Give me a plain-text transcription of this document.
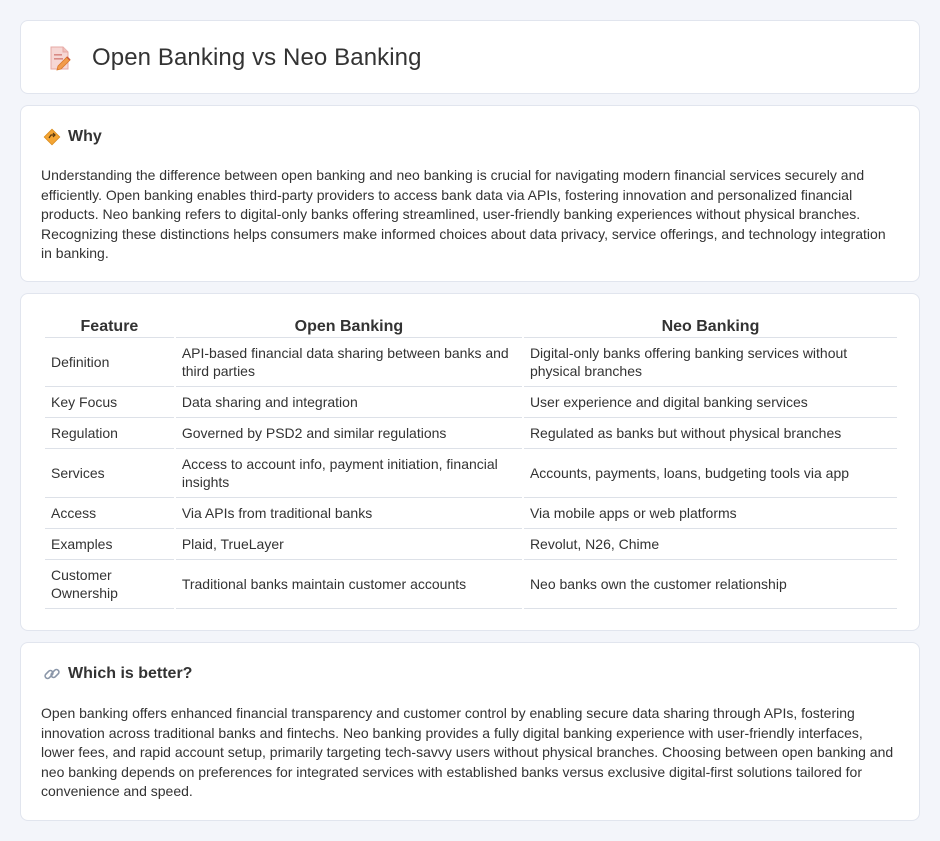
Open Banking vs Neo Banking
Why

Understanding the difference between open banking and neo banking is crucial for navigating modern financial services securely and efficiently. Open banking enables third-party providers to access bank data via APIs, fostering innovation and personalized financial products. Neo banking refers to digital-only banks offering streamlined, user-friendly banking experiences without physical branches. Recognizing these distinctions helps consumers make informed choices about data privacy, service offerings, and technology integration in banking.

Feature	Open Banking	Neo Banking
Definition	API-based financial data sharing between banks and third parties	Digital-only banks offering banking services without physical branches
Key Focus	Data sharing and integration	User experience and digital banking services
Regulation	Governed by PSD2 and similar regulations	Regulated as banks but without physical branches
Services	Access to account info, payment initiation, financial insights	Accounts, payments, loans, budgeting tools via app
Access	Via APIs from traditional banks	Via mobile apps or web platforms
Examples	Plaid, TrueLayer	Revolut, N26, Chime
Customer Ownership	Traditional banks maintain customer accounts	Neo banks own the customer relationship
Which is better?

Open banking offers enhanced financial transparency and customer control by enabling secure data sharing through APIs, fostering innovation across traditional banks and fintechs. Neo banking provides a fully digital banking experience with user-friendly interfaces, lower fees, and rapid account setup, primarily targeting tech-savvy users without physical branches. Choosing between open banking and neo banking depends on preferences for integrated services with established banks versus exclusive digital-first solutions tailored for convenience and speed.
